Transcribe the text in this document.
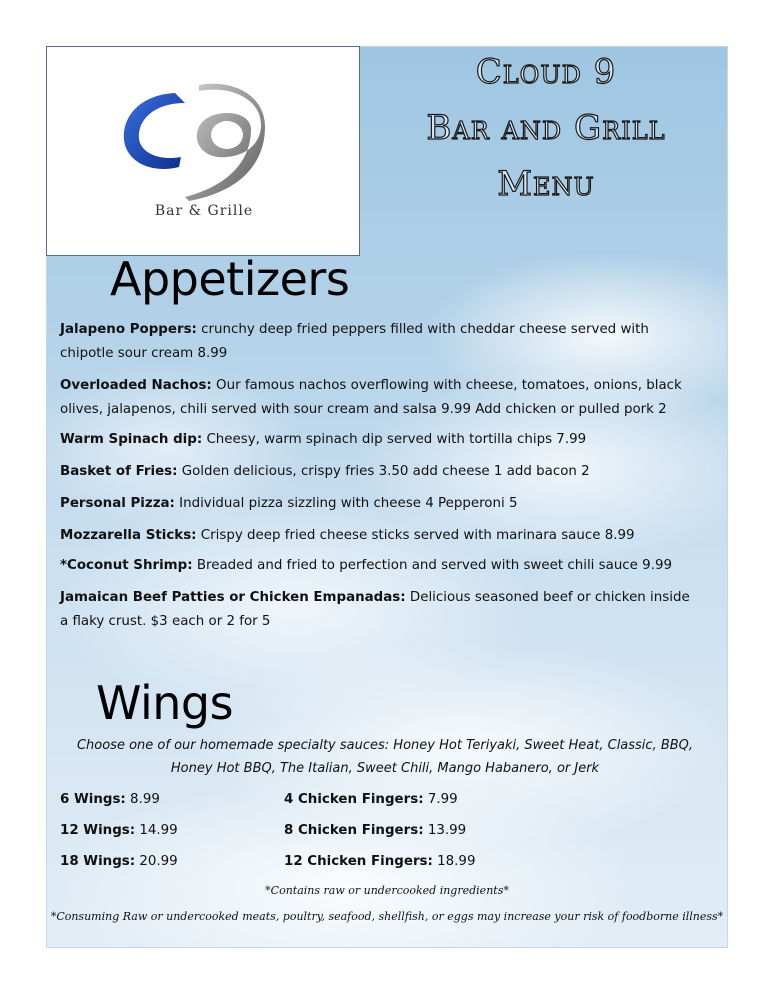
Bar & Grille
Cloud 9
Bar and Grill
Menu
Appetizers
Jalapeno Poppers: crunchy deep fried peppers filled with cheddar cheese served with chipotle sour cream 8.99
Overloaded Nachos: Our famous nachos overflowing with cheese, tomatoes, onions, black olives, jalapenos, chili served with sour cream and salsa 9.99 Add chicken or pulled pork 2
Warm Spinach dip: Cheesy, warm spinach dip served with tortilla chips 7.99
Basket of Fries: Golden delicious, crispy fries 3.50 add cheese 1 add bacon 2
Personal Pizza: Individual pizza sizzling with cheese 4 Pepperoni 5
Mozzarella Sticks: Crispy deep fried cheese sticks served with marinara sauce 8.99
*Coconut Shrimp: Breaded and fried to perfection and served with sweet chili sauce 9.99
Jamaican Beef Patties or Chicken Empanadas: Delicious seasoned beef or chicken inside a flaky crust. $3 each or 2 for 5
Wings
Choose one of our homemade specialty sauces: Honey Hot Teriyaki, Sweet Heat, Classic, BBQ, Honey Hot BBQ, The Italian, Sweet Chili, Mango Habanero, or Jerk
6 Wings: 8.99
12 Wings: 14.99
18 Wings: 20.99
4 Chicken Fingers: 7.99
8 Chicken Fingers: 13.99
12 Chicken Fingers: 18.99
*Contains raw or undercooked ingredients*
*Consuming Raw or undercooked meats, poultry, seafood, shellfish, or eggs may increase your risk of foodborne illness*
